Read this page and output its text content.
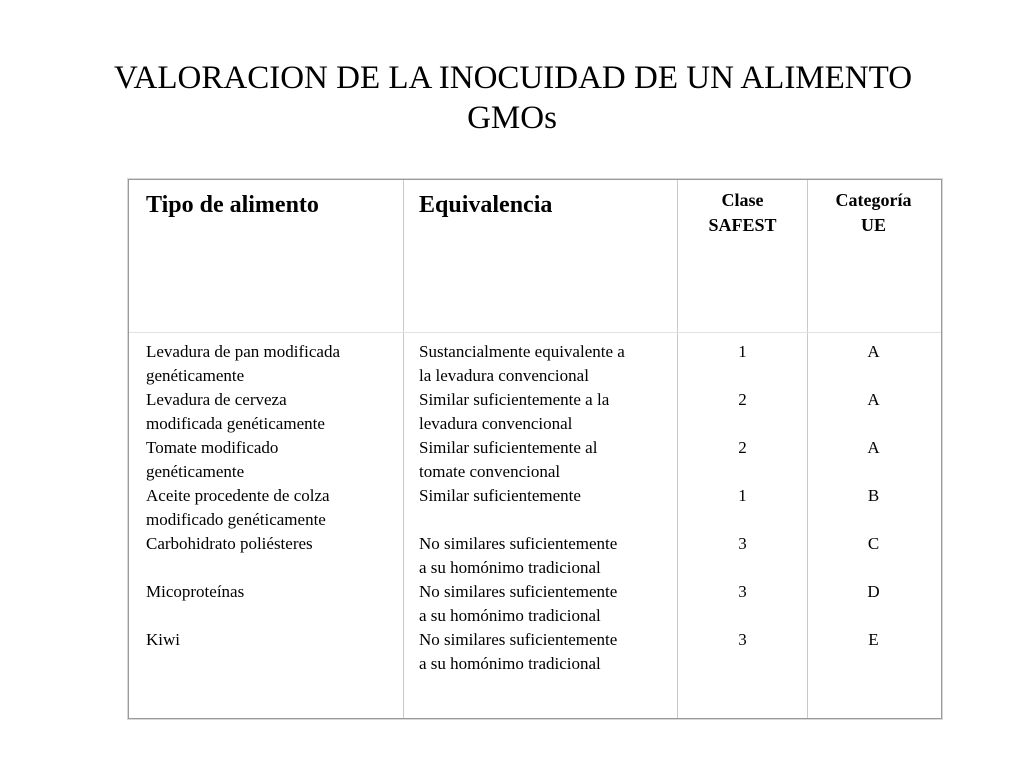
VALORACION DE LA INOCUIDAD DE UN ALIMENTO
GMOs
Tipo de alimento	Equivalencia	Clase
SAFEST
Categoría
UE
Levadura de pan modificada
genéticamente
Levadura de cerveza
modificada genéticamente
Tomate modificado
genéticamente
Aceite procedente de colza
modificado genéticamente
Carbohidrato poliésteres
Micoproteínas
Kiwi
Sustancialmente equivalente a
la levadura convencional
Similar suficientemente a la
levadura convencional
Similar suficientemente al
tomate convencional
Similar suficientemente
No similares suficientemente
a su homónimo tradicional
No similares suficientemente
a su homónimo tradicional
No similares suficientemente
a su homónimo tradicional
1
2
2
1
3
3
3
A
A
A
B
C
D
E
